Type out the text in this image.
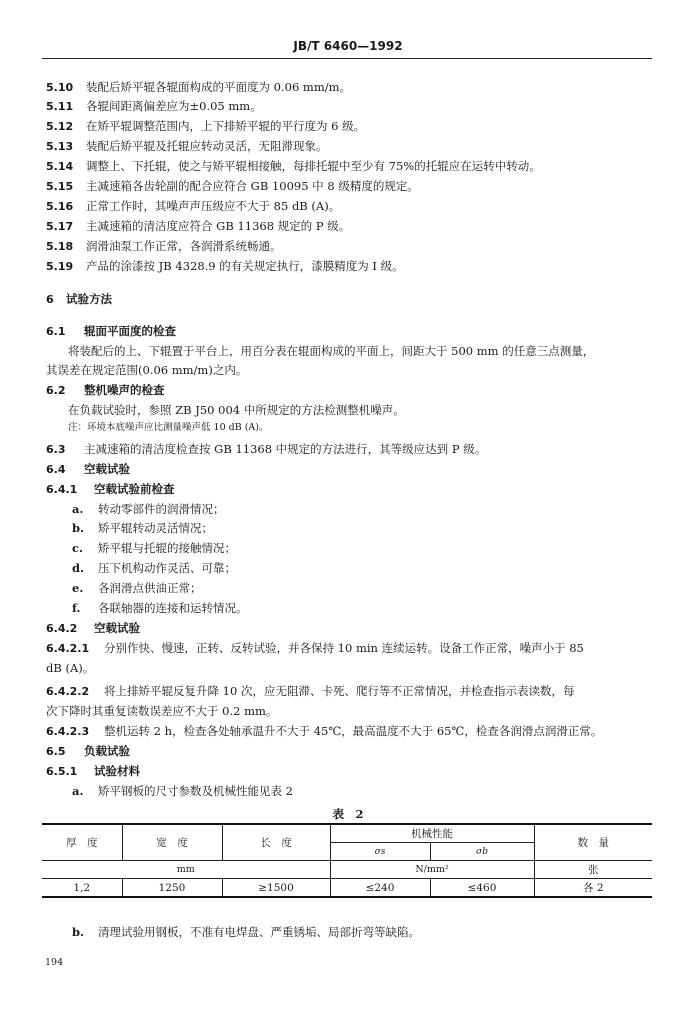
JB/T 6460—1992
5.10 装配后矫平辊各辊面构成的平面度为 0.06 mm/m。
5.11 各辊间距离偏差应为±0.05 mm。
5.12 在矫平辊调整范围内，上下排矫平辊的平行度为 6 级。
5.13 装配后矫平辊及托辊应转动灵活，无阻滞现象。
5.14 调整上、下托辊，使之与矫平辊相接触，每排托辊中至少有 75%的托辊应在运转中转动。
5.15 主减速箱各齿轮副的配合应符合 GB 10095 中 8 级精度的规定。
5.16 正常工作时，其噪声声压级应不大于 85 dB (A)。
5.17 主减速箱的清洁度应符合 GB 11368 规定的 P 级。
5.18 润滑油泵工作正常，各润滑系统畅通。
5.19 产品的涂漆按 JB 4328.9 的有关规定执行，漆膜精度为 I 级。
6 试验方法
6.1 辊面平面度的检查
将装配后的上、下辊置于平台上，用百分表在辊面构成的平面上，间距大于 500 mm 的任意三点测量，
其误差在规定范围(0.06 mm/m)之内。
6.2 整机噪声的检查
在负载试验时，参照 ZB J50 004 中所规定的方法检测整机噪声。
注：环境本底噪声应比测量噪声低 10 dB (A)。
6.3 主减速箱的清洁度检查按 GB 11368 中规定的方法进行，其等级应达到 P 级。
6.4 空载试验
6.4.1 空载试验前检查
a. 转动零部件的润滑情况；
b. 矫平辊转动灵活情况；
c. 矫平辊与托辊的接触情况；
d. 压下机构动作灵活、可靠；
e. 各润滑点供油正常；
f. 各联轴器的连接和运转情况。
6.4.2 空载试验
6.4.2.1 分别作快、慢速，正转、反转试验，并各保持 10 min 连续运转。设备工作正常，噪声小于 85
dB (A)。
6.4.2.2 将上排矫平辊反复升降 10 次，应无阻滞、卡死、爬行等不正常情况，并检查指示表读数，每
次下降时其重复读数误差应不大于 0.2 mm。
6.4.2.3 整机运转 2 h，检查各处轴承温升不大于 45℃，最高温度不大于 65℃，检查各润滑点润滑正常。
6.5 负载试验
6.5.1 试验材料
a. 矫平钢板的尺寸参数及机械性能见表 2
表　2
厚　度	宽　度	长　度	机械性能		数　量
			σs	σb	
mm			N/mm²		张
1,2	1250	≥1500	≤240	≤460	各 2
b. 清理试验用钢板，不准有电焊盘、严重锈垢、局部折弯等缺陷。
194
